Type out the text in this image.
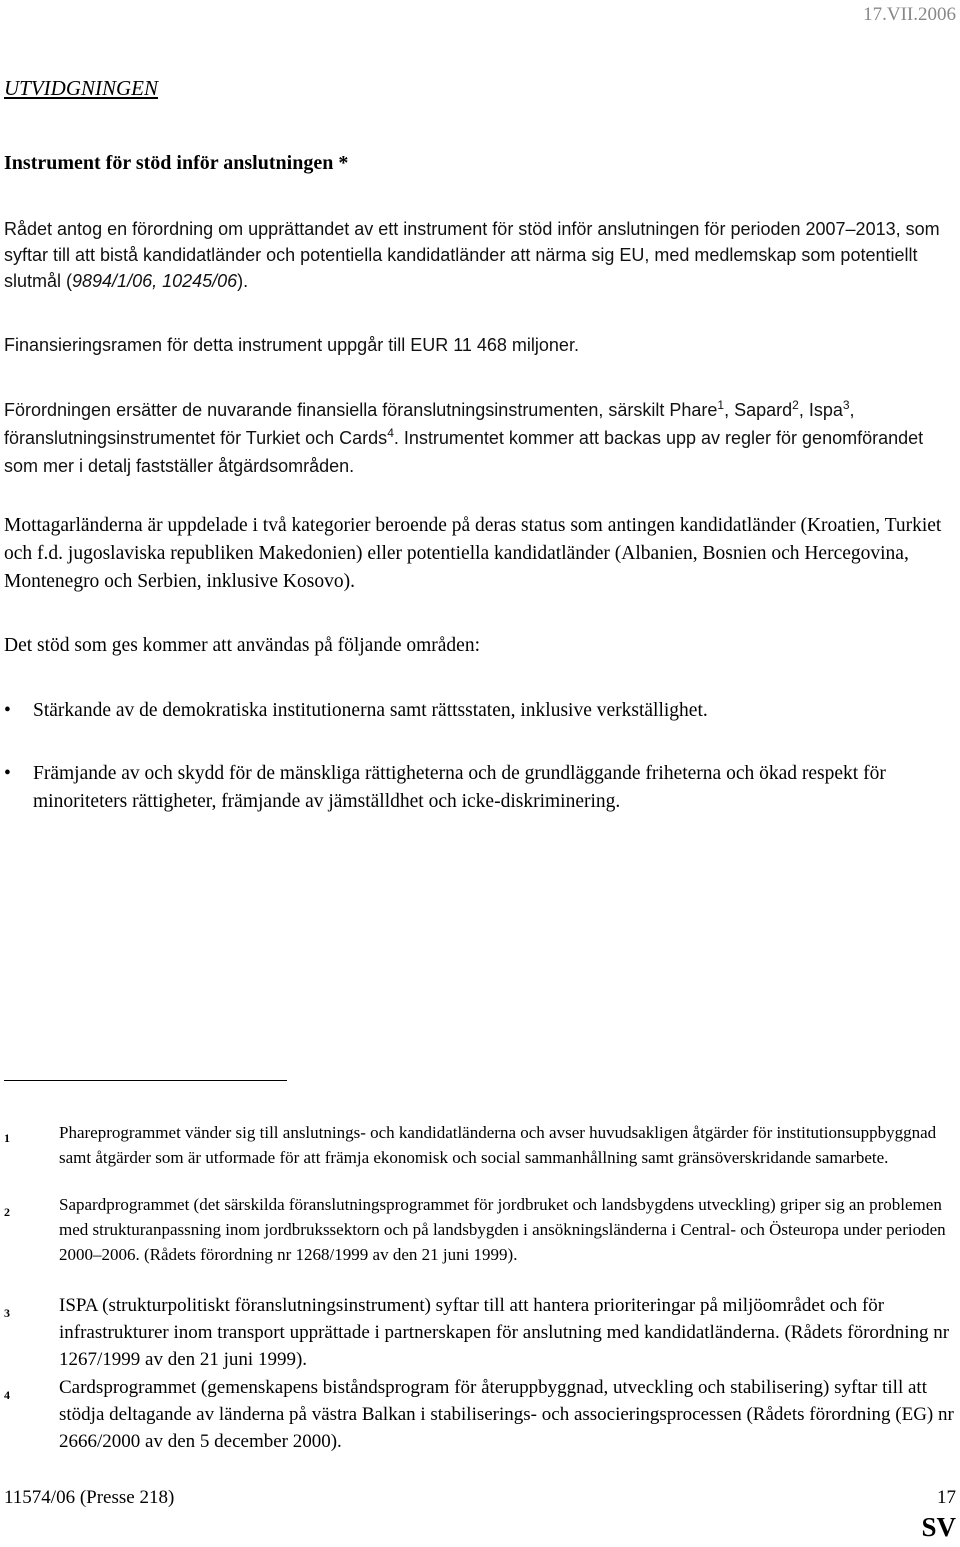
17.VII.2006
UTVIDGNINGEN
Instrument för stöd inför anslutningen *

Rådet antog en förordning om upprättandet av ett instrument för stöd inför anslutningen för perioden 2007–2013, som syftar till att bistå kandidatländer och potentiella kandidatländer att närma sig EU, med medlemskap som potentiellt slutmål (9894/1/06, 10245/06).

Finansieringsramen för detta instrument uppgår till EUR 11 468 miljoner.

Förordningen ersätter de nuvarande finansiella föranslutningsinstrumenten, särskilt Phare$^1$, Sapard$^2$, Ispa$^3$, föranslutningsinstrumentet för Turkiet och Cards$^4$. Instrumentet kommer att backas upp av regler för genomförandet som mer i detalj fastställer åtgärdsområden.

Mottagarländerna är uppdelade i två kategorier beroende på deras status som antingen kandidatländer (Kroatien, Turkiet och f.d. jugoslaviska republiken Makedonien) eller potentiella kandidatländer (Albanien, Bosnien och Hercegovina, Montenegro och Serbien, inklusive Kosovo).

Det stöd som ges kommer att användas på följande områden:

•	Stärkande av de demokratiska institutionerna samt rättsstaten, inklusive verkställighet.
•	Främjande av och skydd för de mänskliga rättigheterna och de grundläggande friheterna och ökad respekt för minoriteters rättigheter, främjande av jämställdhet och icke-diskriminering.
1	Phareprogrammet vänder sig till anslutnings- och kandidatländerna och avser huvudsakligen åtgärder för institutionsuppbyggnad samt åtgärder som är utformade för att främja ekonomisk och social sammanhållning samt gränsöverskridande samarbete.
2	Sapardprogrammet (det särskilda föranslutningsprogrammet för jordbruket och landsbygdens utveckling) griper sig an problemen med strukturanpassning inom jordbrukssektorn och på landsbygden i ansökningsländerna i Central- och Östeuropa under perioden 2000–2006. (Rådets förordning nr 1268/1999 av den 21 juni 1999).
3	ISPA (strukturpolitiskt föranslutningsinstrument) syftar till att hantera prioriteringar på miljöområdet och för infrastrukturer inom transport upprättade i partnerskapen för anslutning med kandidatländerna. (Rådets förordning nr 1267/1999 av den 21 juni 1999).
4	Cardsprogrammet (gemenskapens biståndsprogram för återuppbyggnad, utveckling och stabilisering) syftar till att stödja deltagande av länderna på västra Balkan i stabiliserings- och associeringsprocessen (Rådets förordning (EG) nr 2666/2000 av den 5 december 2000).
11574/06 (Presse 218)	17
SV
